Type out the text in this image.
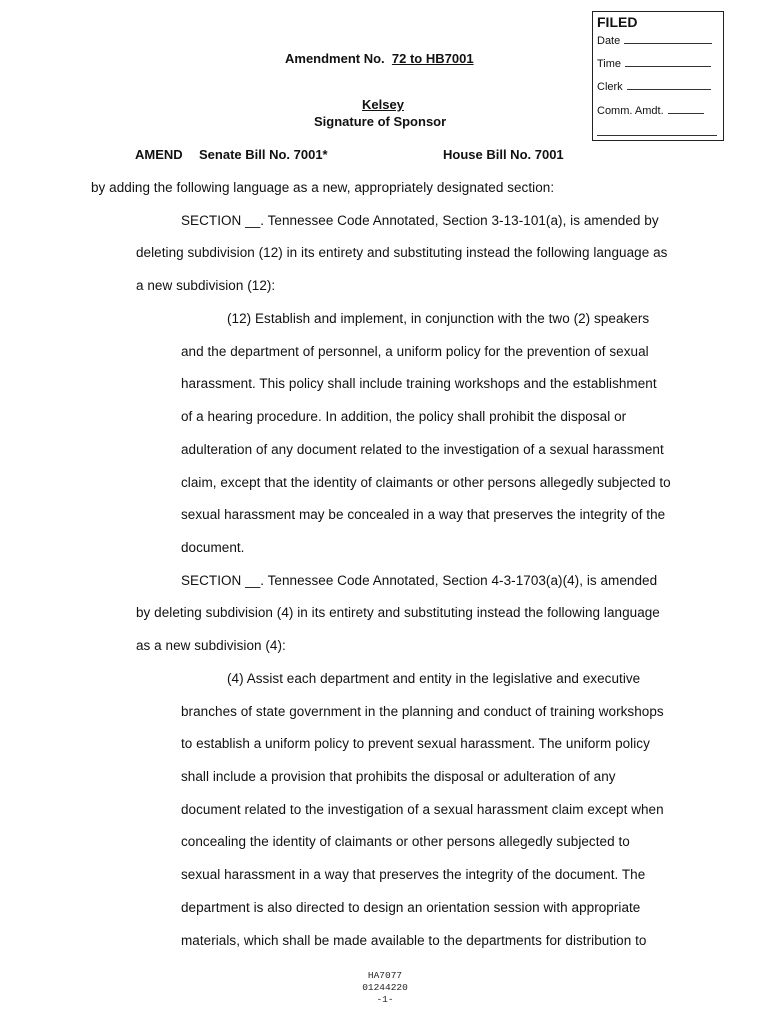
FILED
Date
Time
Clerk
Comm. Amdt.
Amendment No. 72 to HB7001
Kelsey
Signature of Sponsor
AMEND Senate Bill No. 7001*	House Bill No. 7001
by adding the following language as a new, appropriately designated section:
SECTION __. Tennessee Code Annotated, Section 3-13-101(a), is amended by
deleting subdivision (12) in its entirety and substituting instead the following language as
a new subdivision (12):
(12) Establish and implement, in conjunction with the two (2) speakers
and the department of personnel, a uniform policy for the prevention of sexual
harassment. This policy shall include training workshops and the establishment
of a hearing procedure. In addition, the policy shall prohibit the disposal or
adulteration of any document related to the investigation of a sexual harassment
claim, except that the identity of claimants or other persons allegedly subjected to
sexual harassment may be concealed in a way that preserves the integrity of the
document.
SECTION __. Tennessee Code Annotated, Section 4-3-1703(a)(4), is amended
by deleting subdivision (4) in its entirety and substituting instead the following language
as a new subdivision (4):
(4) Assist each department and entity in the legislative and executive
branches of state government in the planning and conduct of training workshops
to establish a uniform policy to prevent sexual harassment. The uniform policy
shall include a provision that prohibits the disposal or adulteration of any
document related to the investigation of a sexual harassment claim except when
concealing the identity of claimants or other persons allegedly subjected to
sexual harassment in a way that preserves the integrity of the document. The
department is also directed to design an orientation session with appropriate
materials, which shall be made available to the departments for distribution to
HA7077
01244220
-1-
